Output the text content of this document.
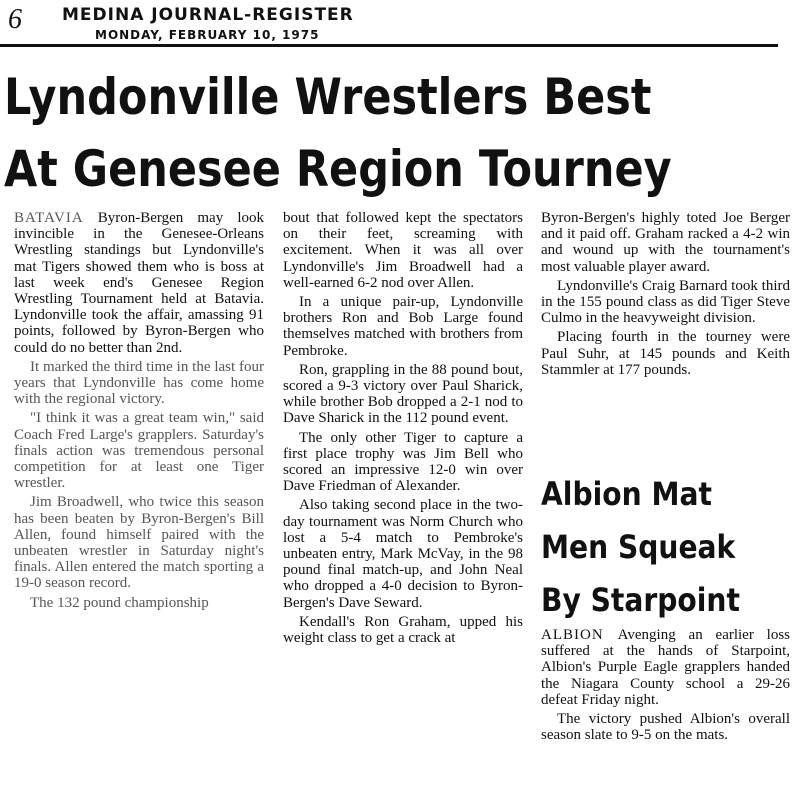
6 MEDINA JOURNAL-REGISTER
MONDAY, FEBRUARY 10, 1975
Lyndonville Wrestlers Best
At Genesee Region Tourney

BATAVIA Byron-Bergen may look invincible in the Genesee-Orleans Wrestling standings but Lyndonville's mat Tigers showed them who is boss at last week end's Genesee Region Wrestling Tournament held at Batavia. Lyndonville took the affair, amassing 91 points, followed by Byron-Bergen who could do no better than 2nd.

It marked the third time in the last four years that Lyndonville has come home with the regional victory.

"I think it was a great team win," said Coach Fred Large's grapplers. Saturday's finals action was tremendous personal competition for at least one Tiger wrestler.

Jim Broadwell, who twice this season has been beaten by Byron-Bergen's Bill Allen, found himself paired with the unbeaten wrestler in Saturday night's finals. Allen entered the match sporting a 19-0 season record.

The 132 pound championship

bout that followed kept the spectators on their feet, screaming with excitement. When it was all over Lyndonville's Jim Broadwell had a well-earned 6-2 nod over Allen.

In a unique pair-up, Lyndonville brothers Ron and Bob Large found themselves matched with brothers from Pembroke.

Ron, grappling in the 88 pound bout, scored a 9-3 victory over Paul Sharick, while brother Bob dropped a 2-1 nod to Dave Sharick in the 112 pound event.

The only other Tiger to capture a first place trophy was Jim Bell who scored an impressive 12-0 win over Dave Friedman of Alexander.

Also taking second place in the two-day tournament was Norm Church who lost a 5-4 match to Pembroke's unbeaten entry, Mark McVay, in the 98 pound final match-up, and John Neal who dropped a 4-0 decision to Byron-Bergen's Dave Seward.

Kendall's Ron Graham, upped his weight class to get a crack at

Byron-Bergen's highly toted Joe Berger and it paid off. Graham racked a 4-2 win and wound up with the tournament's most valuable player award.

Lyndonville's Craig Barnard took third in the 155 pound class as did Tiger Steve Culmo in the heavyweight division.

Placing fourth in the tourney were Paul Suhr, at 145 pounds and Keith Stammler at 177 pounds.

Albion Mat
Men Squeak
By Starpoint

ALBION Avenging an earlier loss suffered at the hands of Starpoint, Albion's Purple Eagle grapplers handed the Niagara County school a 29-26 defeat Friday night.

The victory pushed Albion's overall season slate to 9-5 on the mats.
